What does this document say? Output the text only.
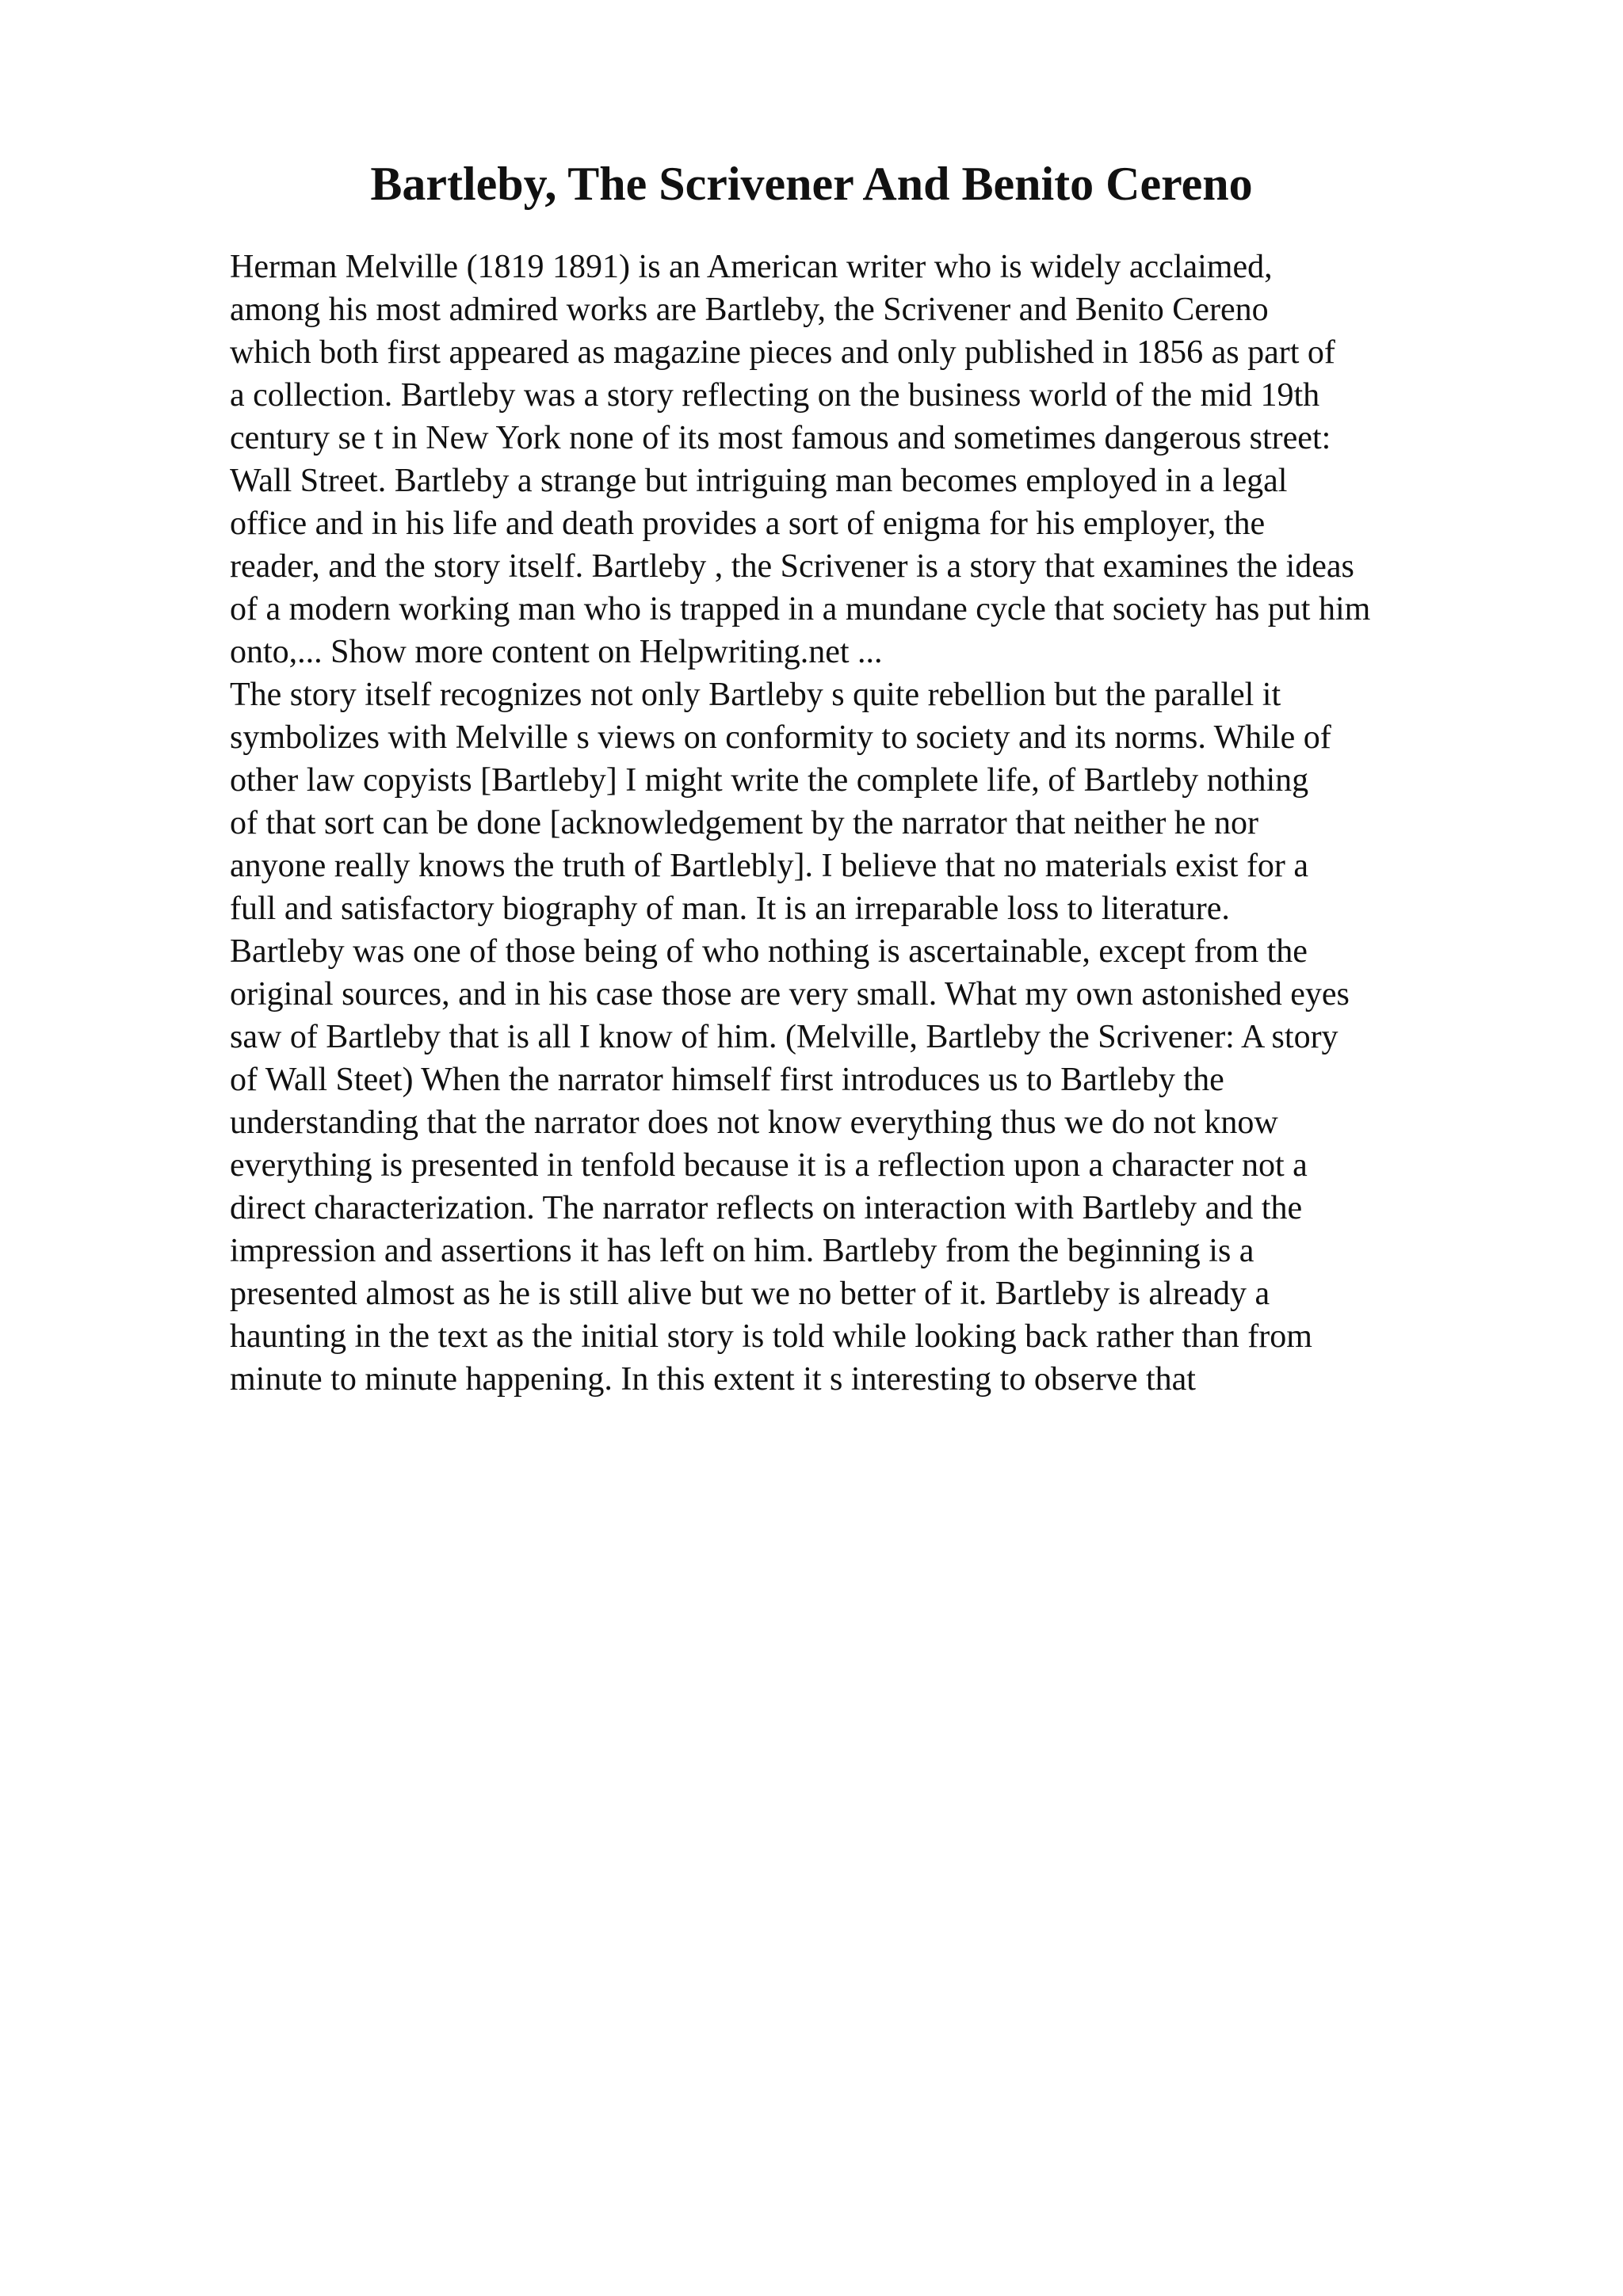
Bartleby, The Scrivener And Benito Cereno
Herman Melville (1819 1891) is an American writer who is widely acclaimed,
among his most admired works are Bartleby, the Scrivener and Benito Cereno
which both first appeared as magazine pieces and only published in 1856 as part of
a collection. Bartleby was a story reflecting on the business world of the mid 19th
century se t in New York none of its most famous and sometimes dangerous street:
Wall Street. Bartleby a strange but intriguing man becomes employed in a legal
office and in his life and death provides a sort of enigma for his employer, the
reader, and the story itself. Bartleby , the Scrivener is a story that examines the ideas
of a modern working man who is trapped in a mundane cycle that society has put him
onto,... Show more content on Helpwriting.net ...
The story itself recognizes not only Bartleby s quite rebellion but the parallel it
symbolizes with Melville s views on conformity to society and its norms. While of
other law copyists [Bartleby] I might write the complete life, of Bartleby nothing
of that sort can be done [acknowledgement by the narrator that neither he nor
anyone really knows the truth of Bartlebly]. I believe that no materials exist for a
full and satisfactory biography of man. It is an irreparable loss to literature.
Bartleby was one of those being of who nothing is ascertainable, except from the
original sources, and in his case those are very small. What my own astonished eyes
saw of Bartleby that is all I know of him. (Melville, Bartleby the Scrivener: A story
of Wall Steet) When the narrator himself first introduces us to Bartleby the
understanding that the narrator does not know everything thus we do not know
everything is presented in tenfold because it is a reflection upon a character not a
direct characterization. The narrator reflects on interaction with Bartleby and the
impression and assertions it has left on him. Bartleby from the beginning is a
presented almost as he is still alive but we no better of it. Bartleby is already a
haunting in the text as the initial story is told while looking back rather than from
minute to minute happening. In this extent it s interesting to observe that
